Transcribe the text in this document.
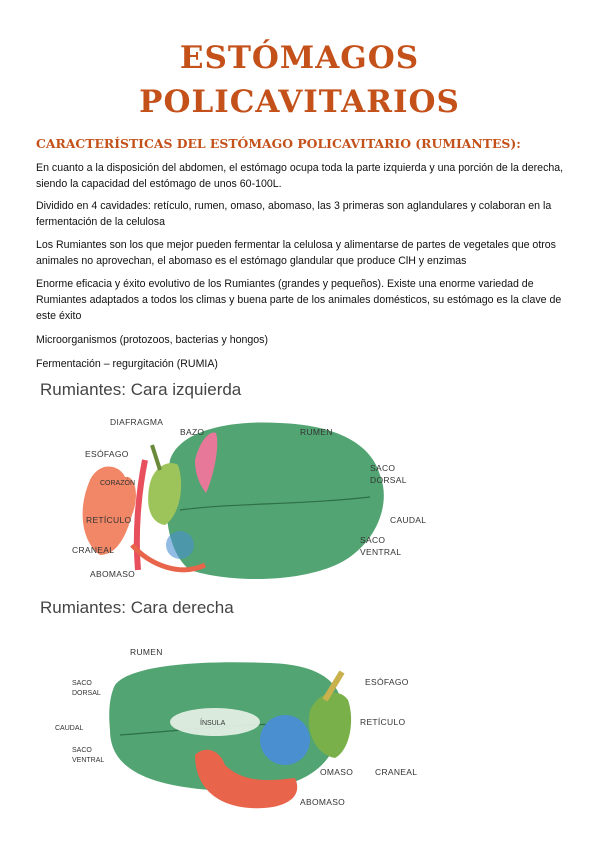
ESTÓMAGOS
POLICAVITARIOS
CARACTERÍSTICAS DEL ESTÓMAGO POLICAVITARIO (RUMIANTES):
En cuanto a la disposición del abdomen, el estómago ocupa toda la parte izquierda y una porción de la derecha, siendo la capacidad del estómago de unos 60-100L.
Dividido en 4 cavidades: retículo, rumen, omaso, abomaso, las 3 primeras son aglandulares y colaboran en la fermentación de la celulosa
Los Rumiantes son los que mejor pueden fermentar la celulosa y alimentarse de partes de vegetales que otros animales no aprovechan, el abomaso es el estómago glandular que produce ClH y enzimas
Enorme eficacia y éxito evolutivo de los Rumiantes (grandes y pequeños). Existe una enorme variedad de Rumiantes adaptados a todos los climas y buena parte de los animales domésticos, su estómago es la clave de este éxito
Microorganismos (protozoos, bacterias y hongos)
Fermentación – regurgitación (RUMIA)
Rumiantes: Cara izquierda
DIAFRAGMA
BAZO	RUMEN
ESÓFAGO
CORAZÓN
SACO
DORSAL
RETÍCULO	CAUDAL
CRANEAL
SACO
VENTRAL
ABOMASO
Rumiantes: Cara derecha
RUMEN
ESÓFAGO
SACO
DORSAL
RETÍCULO
ÍNSULA
CAUDAL
SACO
VENTRAL
OMASO	CRANEAL
ABOMASO
